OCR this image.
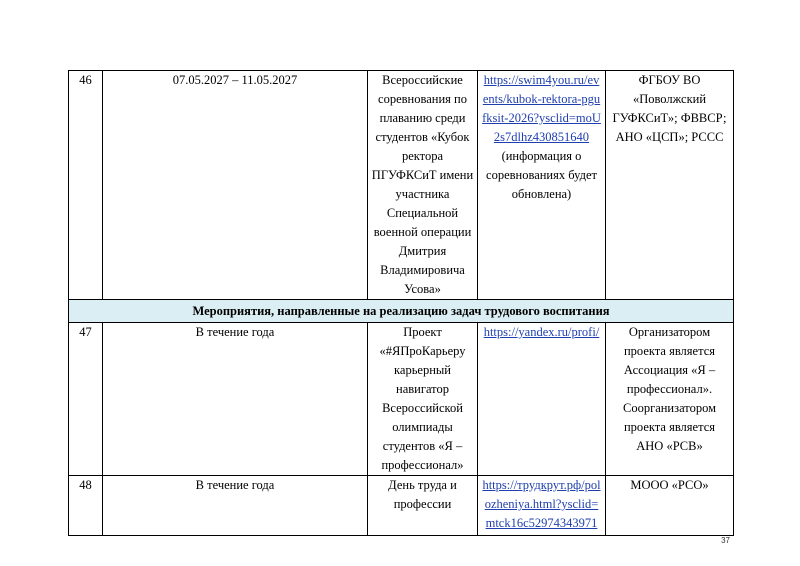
46	07.05.2027 – 11.05.2027	Всероссийские соревнования по плаванию среди студентов «Кубок ректора ПГУФКСиТ имени участника Специальной военной операции Дмитрия Владимировича Усова»	https://swim4you.ru/events/kubok-rektora-pgufksit-2026?ysclid=moU2s7dlhz430851640 (информация о соревнованиях будет обновлена)	ФГБОУ ВО «Поволжский ГУФКСиТ»; ФВВСР; АНО «ЦСП»; РССС
Мероприятия, направленные на реализацию задач трудового воспитания				
47	В течение года	Проект «#ЯПроКарьеру карьерный навигатор Всероссийской олимпиады студентов «Я – профессионал»	https://yandex.ru/profi/	Организатором проекта является Ассоциация «Я – профессионал». Соорганизатором проекта является АНО «РСВ»
48	В течение года	День труда и профессии	https://трудкрут.рф/polozheniya.html?ysclid=mtck16c52974343971	МООО «РСО»
37
